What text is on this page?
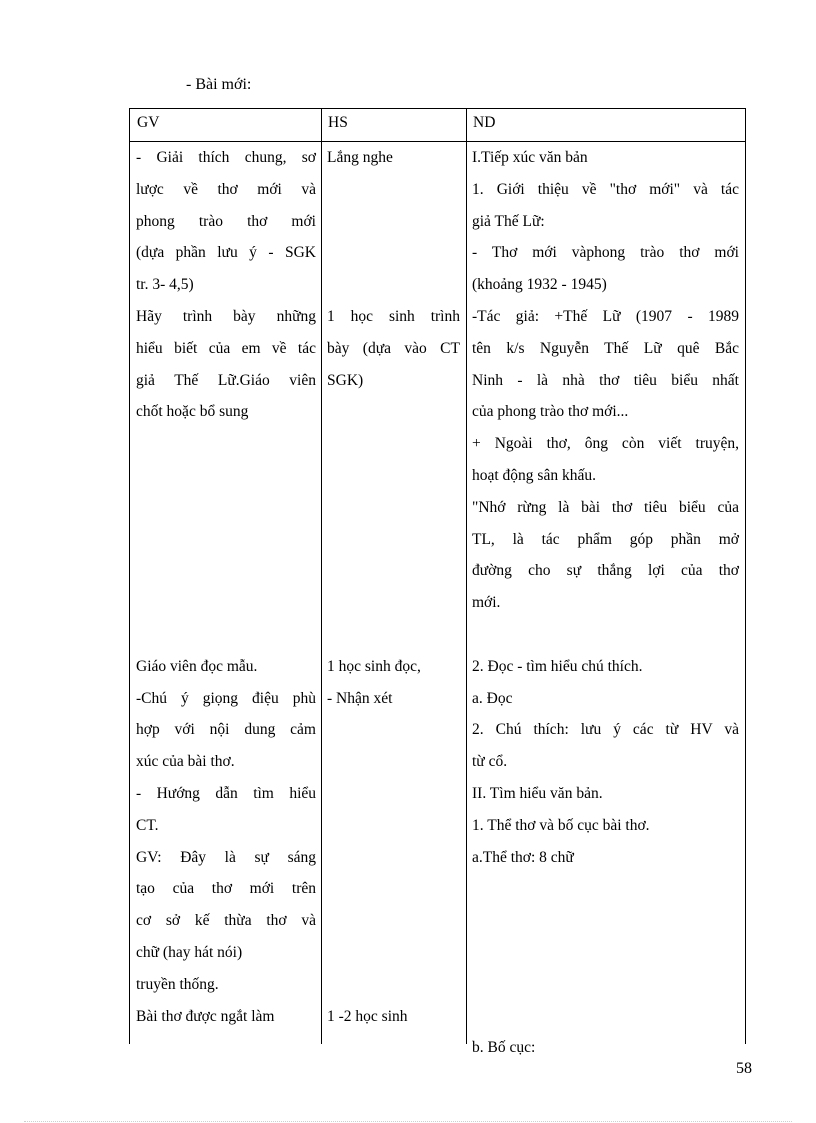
- Bài mới:
GV	HS	ND
- Giải thích chung, sơ
lược về thơ mới và
phong trào thơ mới
(dựa phần lưu ý - SGK
tr. 3- 4,5)
Hãy trình bày những
hiểu biết của em về tác
giả Thế Lữ.Giáo viên
chốt hoặc bổ sung
Giáo viên đọc mẫu.
-Chú ý giọng điệu phù
hợp với nội dung cảm
xúc của bài thơ.
- Hướng dẫn tìm hiểu
CT.
GV: Đây là sự sáng
tạo của thơ mới trên
cơ sở kế thừa thơ và
chữ (hay hát nói)
truyền thống.
Bài thơ được ngắt làm
Lắng nghe
1 học sinh trình
bày (dựa vào CT
SGK)
1 học sinh đọc,
- Nhận xét
1 -2 học sinh
I.Tiếp xúc văn bản
1. Giới thiệu về "thơ mới" và tác
giả Thế Lữ:
- Thơ mới vàphong trào thơ mới
(khoảng 1932 - 1945)
-Tác giả: +Thế Lữ (1907 - 1989
tên k/s Nguyễn Thế Lữ quê Bắc
Ninh - là nhà thơ tiêu biểu nhất
của phong trào thơ mới...
+ Ngoài thơ, ông còn viết truyện,
hoạt động sân khấu.
"Nhớ rừng là bài thơ tiêu biểu của
TL, là tác phẩm góp phần mở
đường cho sự thắng lợi của thơ
mới.
2. Đọc - tìm hiểu chú thích.
a. Đọc
2. Chú thích: lưu ý các từ HV và
từ cổ.
II. Tìm hiểu văn bản.
1. Thể thơ và bố cục bài thơ.
a.Thể thơ: 8 chữ
b. Bố cục:
58
